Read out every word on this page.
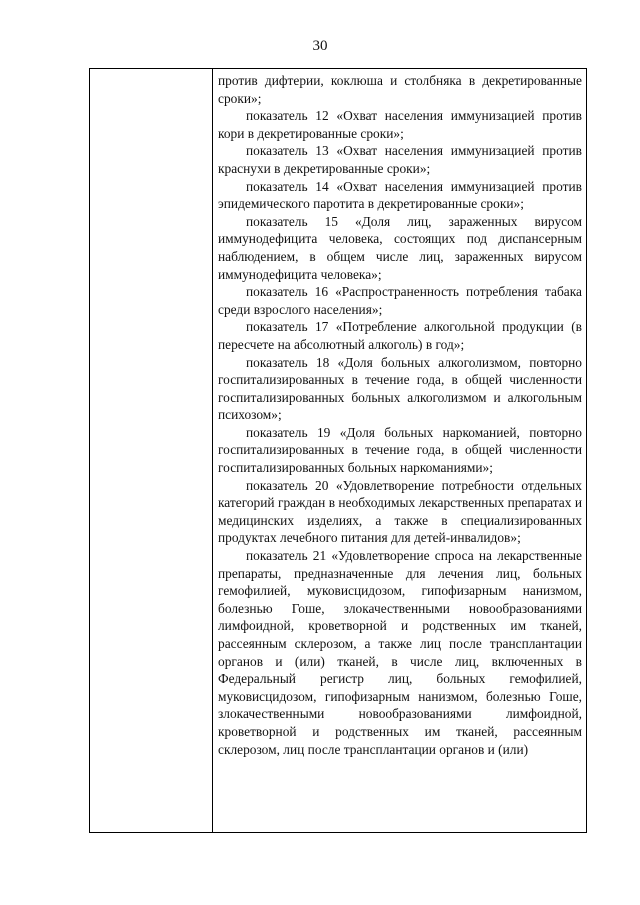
30

против дифтерии, коклюша и столбняка в декретированные сроки»;

показатель 12 «Охват населения иммунизацией против кори в декретированные сроки»;

показатель 13 «Охват населения иммунизацией против краснухи в декретированные сроки»;

показатель 14 «Охват населения иммунизацией против эпидемического паротита в декретированные сроки»;

показатель 15 «Доля лиц, зараженных вирусом иммунодефицита человека, состоящих под диспансерным наблюдением, в общем числе лиц, зараженных вирусом иммунодефицита человека»;

показатель 16 «Распространенность потребления табака среди взрослого населения»;

показатель 17 «Потребление алкогольной продукции (в пересчете на абсолютный алкоголь) в год»;

показатель 18 «Доля больных алкоголизмом, повторно госпитализированных в течение года, в общей численности госпитализированных больных алкоголизмом и алкогольным психозом»;

показатель 19 «Доля больных наркоманией, повторно госпитализированных в течение года, в общей численности госпитализированных больных наркоманиями»;

показатель 20 «Удовлетворение потребности отдельных категорий граждан в необходимых лекарственных препаратах и медицинских изделиях, а также в специализированных продуктах лечебного питания для детей-инвалидов»;

показатель 21 «Удовлетворение спроса на лекарственные препараты, предназначенные для лечения лиц, больных гемофилией, муковисцидозом, гипофизарным нанизмом, болезнью Гоше, злокачественными новообразованиями лимфоидной, кроветворной и родственных им тканей, рассеянным склерозом, а также лиц после трансплантации органов и (или) тканей, в числе лиц, включенных в Федеральный регистр лиц, больных гемофилией, муковисцидозом, гипофизарным нанизмом, болезнью Гоше, злокачественными новообразованиями лимфоидной, кроветворной и родственных им тканей, рассеянным склерозом, лиц после трансплантации органов и (или)
